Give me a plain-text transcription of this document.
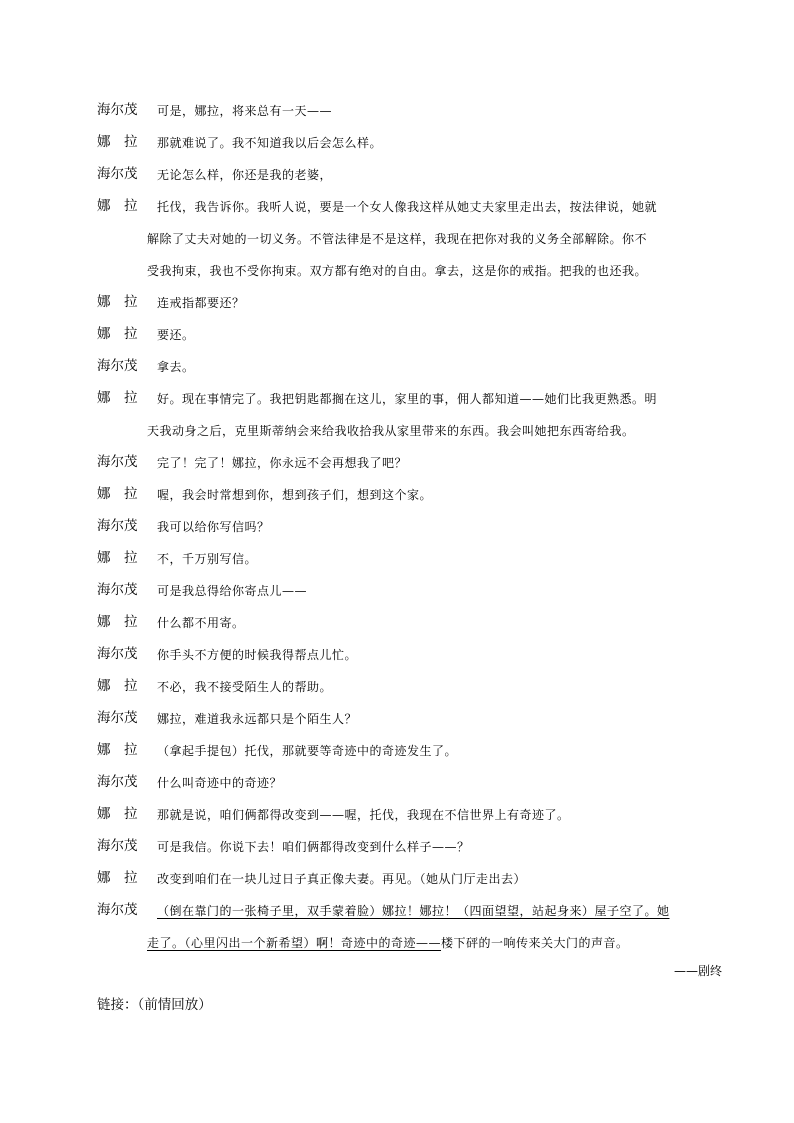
海尔茂	可是，娜拉，将来总有一天——
娜　拉	那就难说了。我不知道我以后会怎么样。
海尔茂	无论怎么样，你还是我的老婆，
娜　拉	托伐，我告诉你。我听人说，要是一个女人像我这样从她丈夫家里走出去，按法律说，她就
解除了丈夫对她的一切义务。不管法律是不是这样，我现在把你对我的义务全部解除。你不
受我拘束，我也不受你拘束。双方都有绝对的自由。拿去，这是你的戒指。把我的也还我。
娜　拉	连戒指都要还？
娜　拉	要还。
海尔茂	拿去。
娜　拉	好。现在事情完了。我把钥匙都搁在这儿，家里的事，佣人都知道——她们比我更熟悉。明
天我动身之后，克里斯蒂纳会来给我收拾我从家里带来的东西。我会叫她把东西寄给我。
海尔茂	完了！完了！娜拉，你永远不会再想我了吧？
娜　拉	喔，我会时常想到你，想到孩子们，想到这个家。
海尔茂	我可以给你写信吗？
娜　拉	不，千万别写信。
海尔茂	可是我总得给你寄点儿——
娜　拉	什么都不用寄。
海尔茂	你手头不方便的时候我得帮点儿忙。
娜　拉	不必，我不接受陌生人的帮助。
海尔茂	娜拉，难道我永远都只是个陌生人？
娜　拉	（拿起手提包）托伐，那就要等奇迹中的奇迹发生了。
海尔茂	什么叫奇迹中的奇迹？
娜　拉	那就是说，咱们俩都得改变到——喔，托伐，我现在不信世界上有奇迹了。
海尔茂	可是我信。你说下去！咱们俩都得改变到什么样子——？
娜　拉	改变到咱们在一块儿过日子真正像夫妻。再见。（她从门厅走出去）
海尔茂	（倒在靠门的一张椅子里，双手蒙着脸）娜拉！娜拉！（四面望望，站起身来）屋子空了。她
走了。（心里闪出一个新希望）啊！奇迹中的奇迹——楼下砰的一响传来关大门的声音。
——剧终
链接：（前情回放）
